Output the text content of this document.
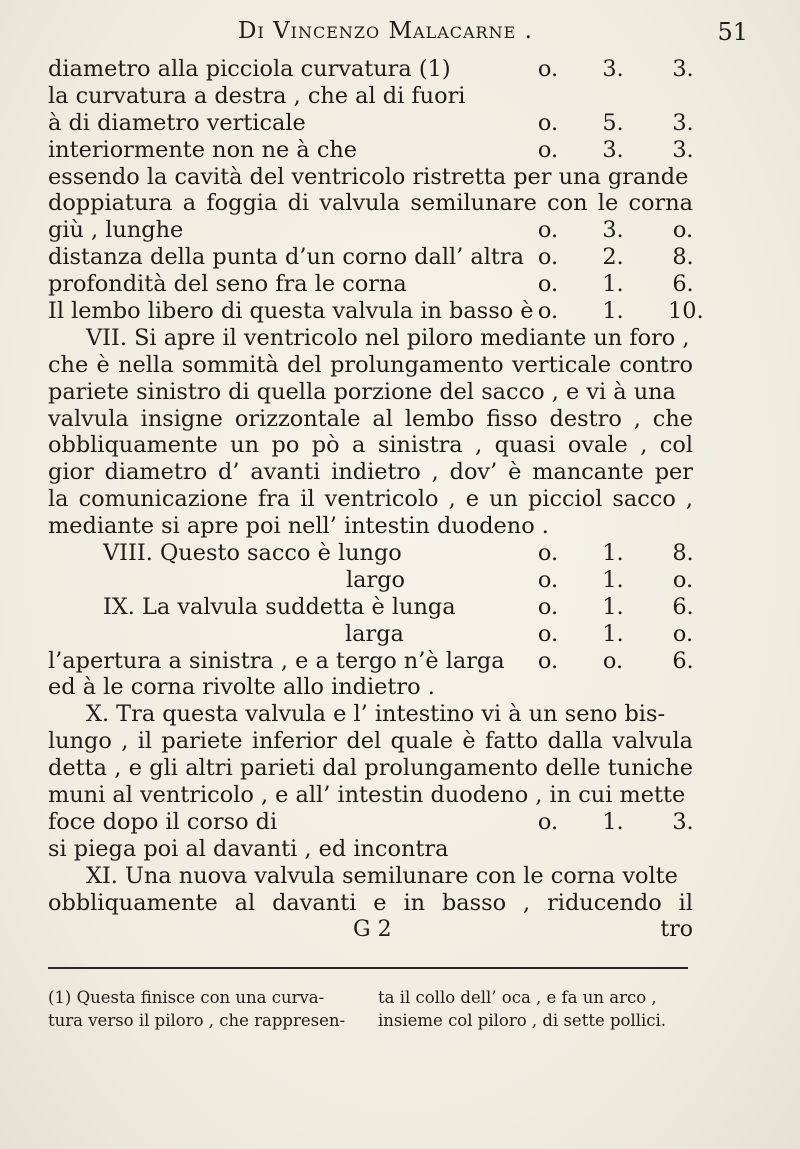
Di Vincenzo Malacarne .	51
diametro alla picciola curvatura (1)	o. 3. 3.
la curvatura a destra , che al di fuori
à di diametro verticale	o. 5. 3.
interiormente non ne à che	o. 3. 3.
essendo la cavità del ventricolo ristretta per una grande
doppiatura a foggia di valvula semilunare con le corna
giù , lunghe	o. 3. o.
distanza della punta d’un corno dall’ altra o. 2. 8.
profondità del seno fra le corna	o. 1. 6.
Il lembo libero di questa valvula in basso è o. 1. 10.
VII. Si apre il ventricolo nel piloro mediante un foro ,
che è nella sommità del prolungamento verticale contro
pariete sinistro di quella porzione del sacco , e vi à una
valvula insigne orizzontale al lembo fisso destro , che
obbliquamente un po pò a sinistra , quasi ovale , col
gior diametro d’ avanti indietro , dov’ è mancante per
la comunicazione fra il ventricolo , e un picciol sacco ,
mediante si apre poi nell’ intestin duodeno .
VIII. Questo sacco è lungo	o. 1. 8.
largo	o. 1. o.
IX. La valvula suddetta è lunga	o. 1. 6.
larga	o. 1. o.
l’apertura a sinistra , e a tergo n’è larga o. o. 6.
ed à le corna rivolte allo indietro .
X. Tra questa valvula e l’ intestino vi à un seno bis-
lungo , il pariete inferior del quale è fatto dalla valvula
detta , e gli altri parieti dal prolungamento delle tuniche
muni al ventricolo , e all’ intestin duodeno , in cui mette
foce dopo il corso di	o. 1. 3.
si piega poi al davanti , ed incontra
XI. Una nuova valvula semilunare con le corna volte
obbliquamente al davanti e in basso , riducendo il
G 2	tro
(1) Questa finisce con una curva-
tura verso il piloro , che rappresen-
ta il collo dell’ oca , e fa un arco ,
insieme col piloro , di sette pollici.
